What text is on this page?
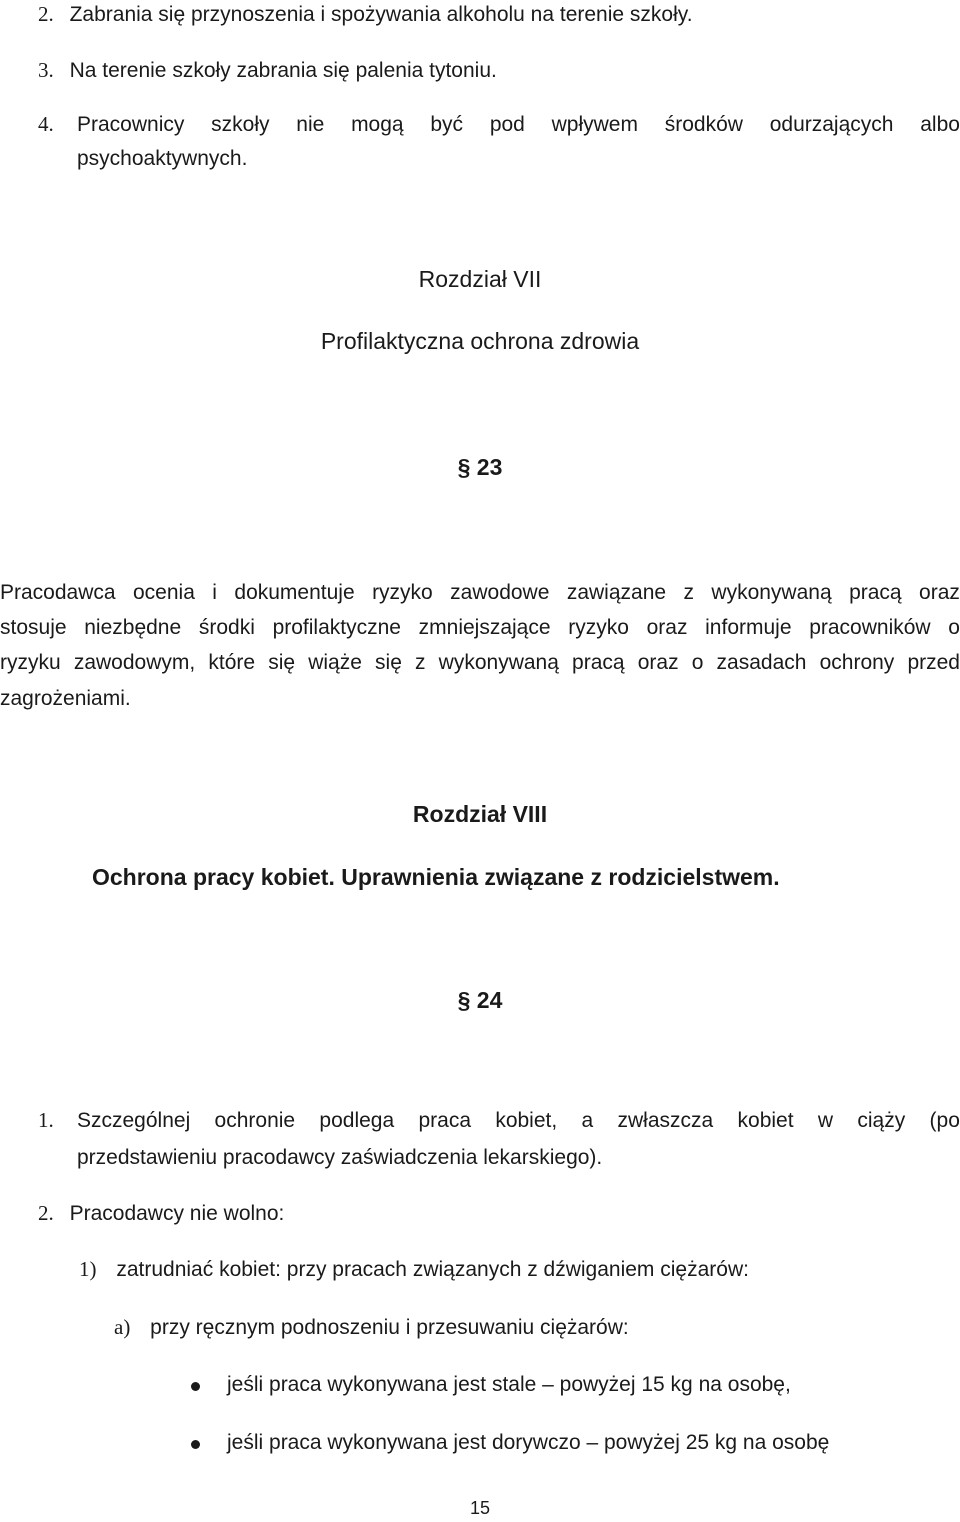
2. Zabrania się przynoszenia i spożywania alkoholu na terenie szkoły.
3. Na terenie szkoły zabrania się palenia tytoniu.
4. Pracownicy szkoły nie mogą być pod wpływem środków odurzających albo
psychoaktywnych.
Rozdział VII
Profilaktyczna ochrona zdrowia
§ 23
Pracodawca ocenia i dokumentuje ryzyko zawodowe zawiązane z wykonywaną pracą oraz
stosuje niezbędne środki profilaktyczne zmniejszające ryzyko oraz informuje pracowników o
ryzyku zawodowym, które się wiąże się z wykonywaną pracą oraz o zasadach ochrony przed
zagrożeniami.
Rozdział VIII
Ochrona pracy kobiet. Uprawnienia związane z rodzicielstwem.
§ 24
1. Szczególnej ochronie podlega praca kobiet, a zwłaszcza kobiet w ciąży (po
przedstawieniu pracodawcy zaświadczenia lekarskiego).
2. Pracodawcy nie wolno:
1) zatrudniać kobiet: przy pracach związanych z dźwiganiem ciężarów:
a) przy ręcznym podnoszeniu i przesuwaniu ciężarów:
jeśli praca wykonywana jest stale – powyżej 15 kg na osobę,
jeśli praca wykonywana jest dorywczo – powyżej 25 kg na osobę
15
